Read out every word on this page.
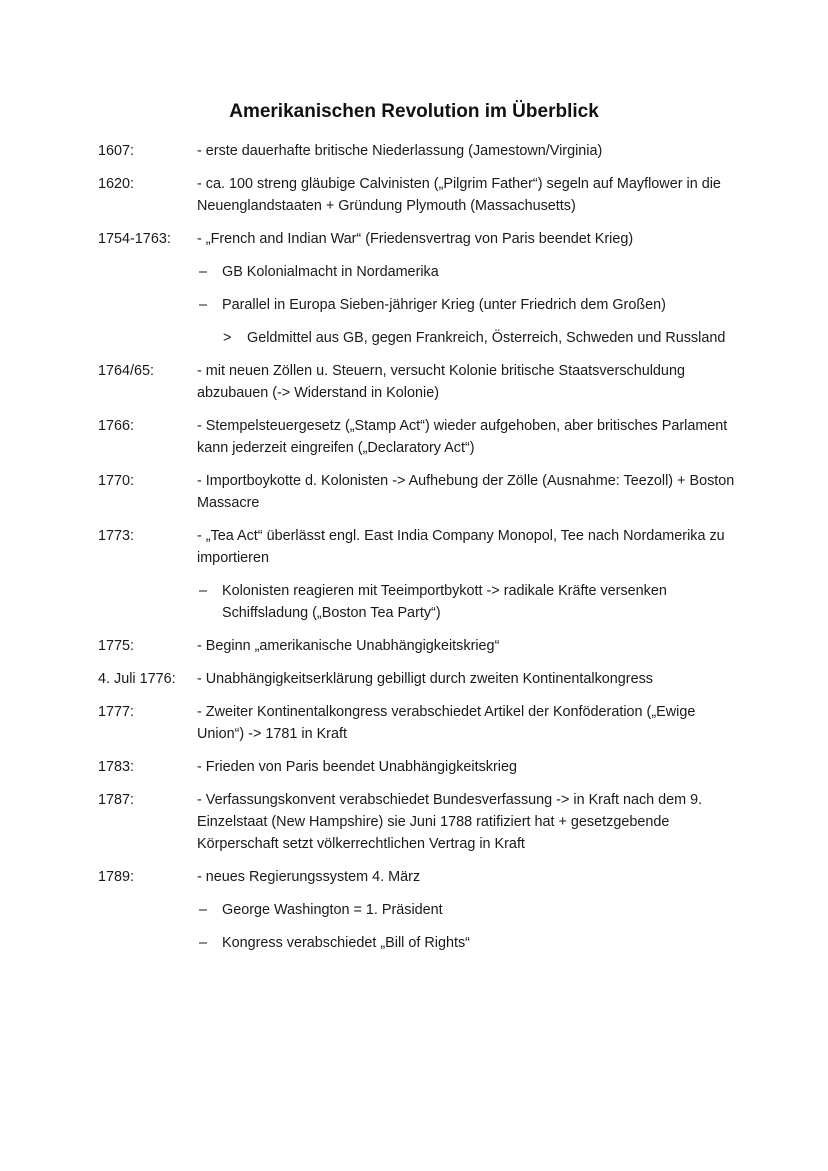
Amerikanischen Revolution im Überblick
1607:	- erste dauerhafte britische Niederlassung (Jamestown/Virginia)
1620:	- ca. 100 streng gläubige Calvinisten („Pilgrim Father“) segeln auf Mayflower in die Neuenglandstaaten + Gründung Plymouth (Massachusetts)
1754-1763: - „French and Indian War“ (Friedensvertrag von Paris beendet Krieg)
– GB Kolonialmacht in Nordamerika
– Parallel in Europa Sieben-jähriger Krieg (unter Friedrich dem Großen)
> Geldmittel aus GB, gegen Frankreich, Österreich, Schweden und Russland
1764/65:	- mit neuen Zöllen u. Steuern, versucht Kolonie britische Staatsverschuldung abzubauen (-> Widerstand in Kolonie)
1766:	- Stempelsteuergesetz („Stamp Act“) wieder aufgehoben, aber britisches Parlament kann jederzeit eingreifen („Declaratory Act“)
1770:	- Importboykotte d. Kolonisten -> Aufhebung der Zölle (Ausnahme: Teezoll) + Boston Massacre
1773:	- „Tea Act“ überlässt engl. East India Company Monopol, Tee nach Nordamerika zu importieren
– Kolonisten reagieren mit Teeimportbykott -> radikale Kräfte versenken Schiffsladung („Boston Tea Party“)
1775:	- Beginn „amerikanische Unabhängigkeitskrieg“
4. Juli 1776: - Unabhängigkeitserklärung gebilligt durch zweiten Kontinentalkongress
1777:	- Zweiter Kontinentalkongress verabschiedet Artikel der Konföderation („Ewige Union“) -> 1781 in Kraft
1783:	- Frieden von Paris beendet Unabhängigkeitskrieg
1787:	- Verfassungskonvent verabschiedet Bundesverfassung -> in Kraft nach dem 9. Einzelstaat (New Hampshire) sie Juni 1788 ratifiziert hat + gesetzgebende Körperschaft setzt völkerrechtlichen Vertrag in Kraft
1789:	- neues Regierungssystem 4. März
– George Washington = 1. Präsident
– Kongress verabschiedet „Bill of Rights“
